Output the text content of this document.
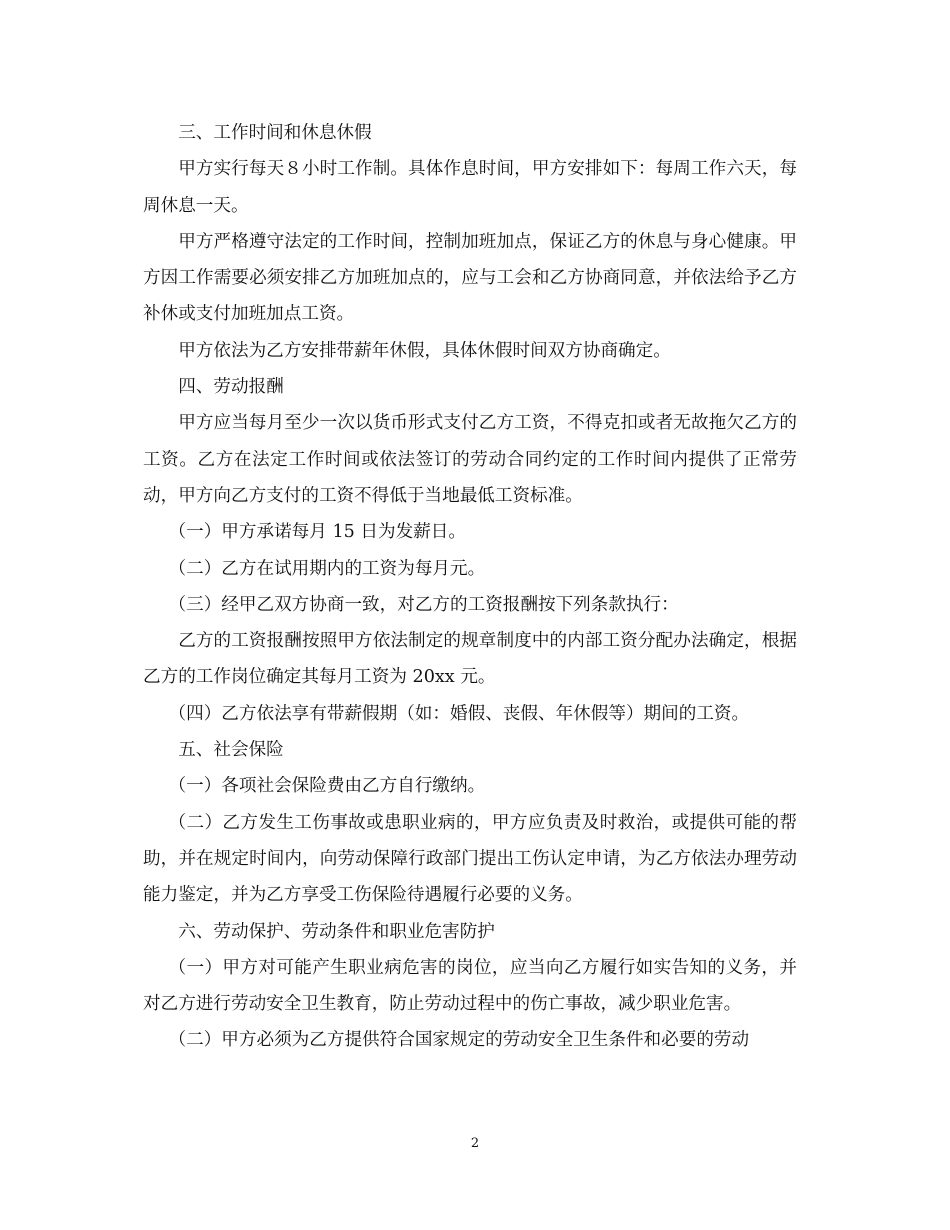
三、工作时间和休息休假

甲方实行每天８小时工作制。具体作息时间，甲方安排如下：每周工作六天，每周休息一天。

甲方严格遵守法定的工作时间，控制加班加点，保证乙方的休息与身心健康。甲方因工作需要必须安排乙方加班加点的，应与工会和乙方协商同意，并依法给予乙方补休或支付加班加点工资。

甲方依法为乙方安排带薪年休假，具体休假时间双方协商确定。

四、劳动报酬

甲方应当每月至少一次以货币形式支付乙方工资，不得克扣或者无故拖欠乙方的工资。乙方在法定工作时间或依法签订的劳动合同约定的工作时间内提供了正常劳动，甲方向乙方支付的工资不得低于当地最低工资标准。

（一）甲方承诺每月 15 日为发薪日。

（二）乙方在试用期内的工资为每月元。

（三）经甲乙双方协商一致，对乙方的工资报酬按下列条款执行：

乙方的工资报酬按照甲方依法制定的规章制度中的内部工资分配办法确定，根据乙方的工作岗位确定其每月工资为 20xx 元。

（四）乙方依法享有带薪假期（如：婚假、丧假、年休假等）期间的工资。

五、社会保险

（一）各项社会保险费由乙方自行缴纳。

（二）乙方发生工伤事故或患职业病的，甲方应负责及时救治，或提供可能的帮助，并在规定时间内，向劳动保障行政部门提出工伤认定申请，为乙方依法办理劳动能力鉴定，并为乙方享受工伤保险待遇履行必要的义务。

六、劳动保护、劳动条件和职业危害防护

（一）甲方对可能产生职业病危害的岗位，应当向乙方履行如实告知的义务，并对乙方进行劳动安全卫生教育，防止劳动过程中的伤亡事故，减少职业危害。

（二）甲方必须为乙方提供符合国家规定的劳动安全卫生条件和必要的劳动

2
